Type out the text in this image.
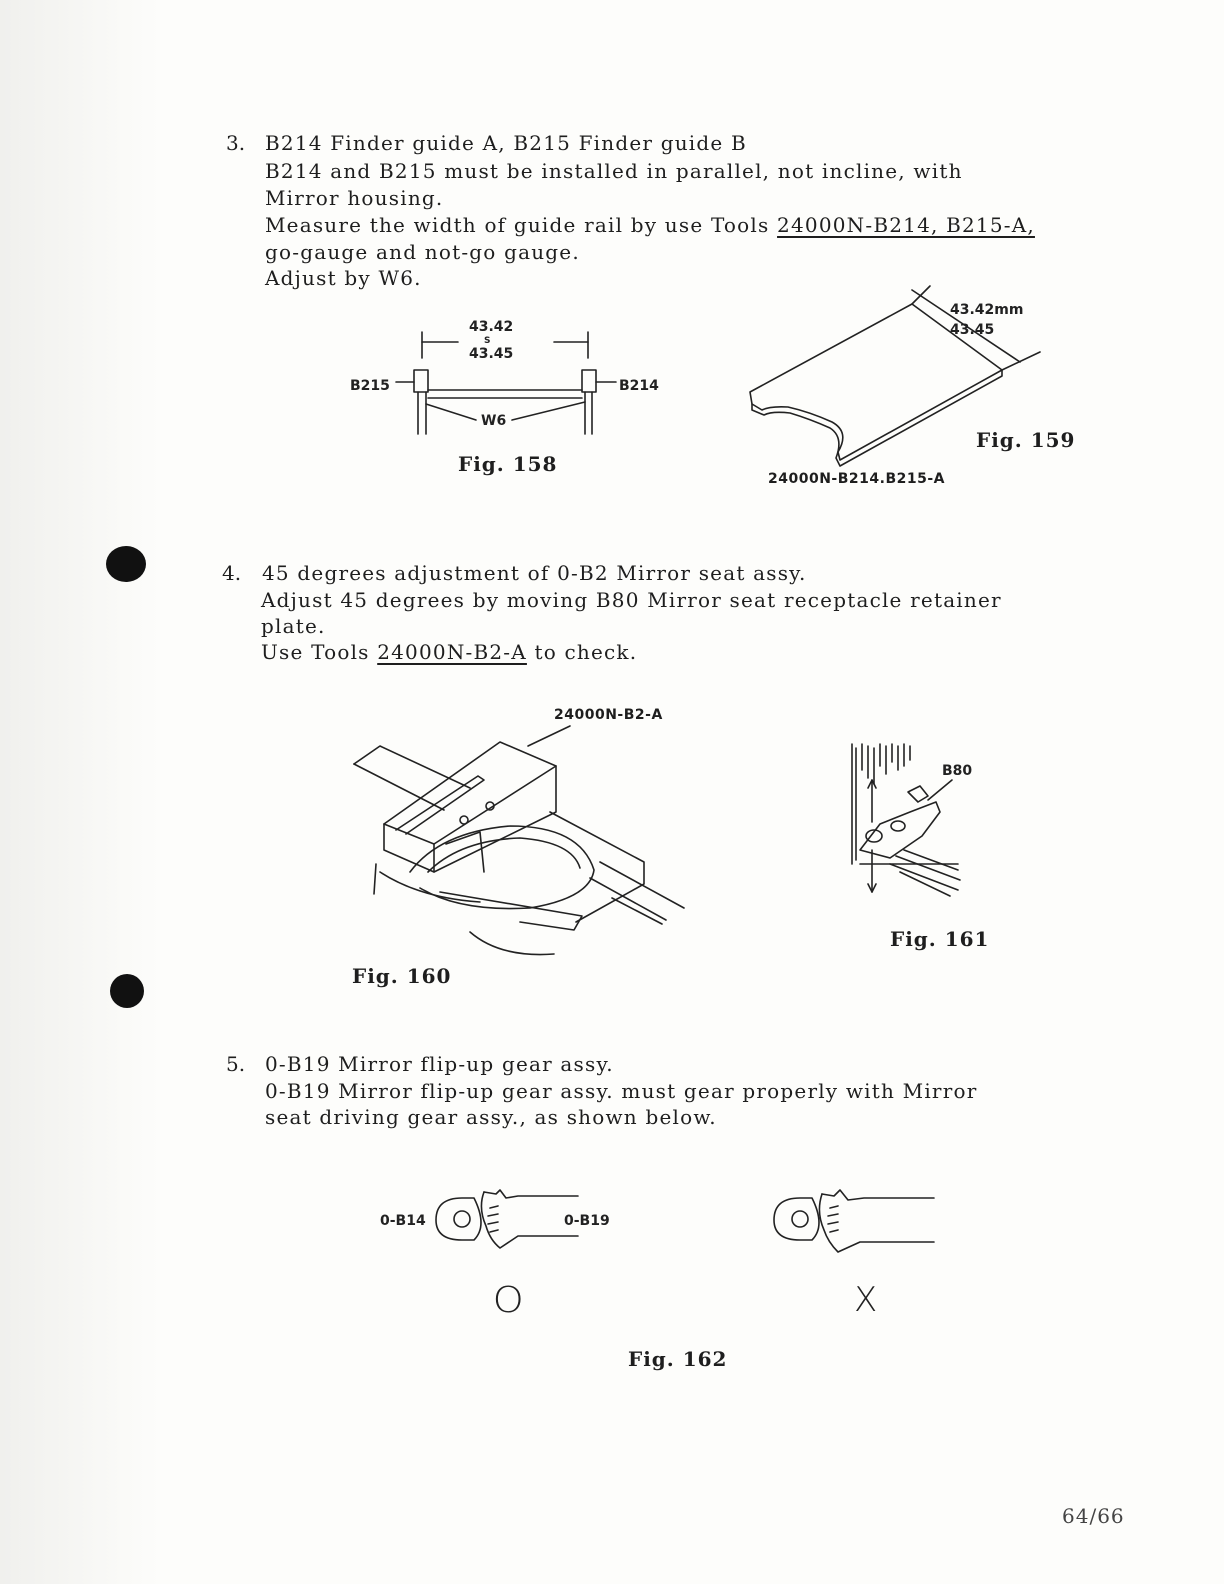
3. B214 Finder guide A, B215 Finder guide B
B214 and B215 must be installed in parallel, not incline, with
Mirror housing.
Measure the width of guide rail by use Tools 24000N-B214, B215-A,
go-gauge and not-go gauge.
Adjust by W6.
43.42
S
43.45
B215	B214
W6
Fig. 158
43.42mm
43.45
Fig. 159
24000N-B214.B215-A
4. 45 degrees adjustment of 0-B2 Mirror seat assy.
Adjust 45 degrees by moving B80 Mirror seat receptacle retainer
plate.
Use Tools 24000N-B2-A to check.
24000N-B2-A
Fig. 160
B80
Fig. 161
5. 0-B19 Mirror flip-up gear assy.
0-B19 Mirror flip-up gear assy. must gear properly with Mirror
seat driving gear assy., as shown below.
0-B14	0-B19
O	X
Fig. 162
64/66
